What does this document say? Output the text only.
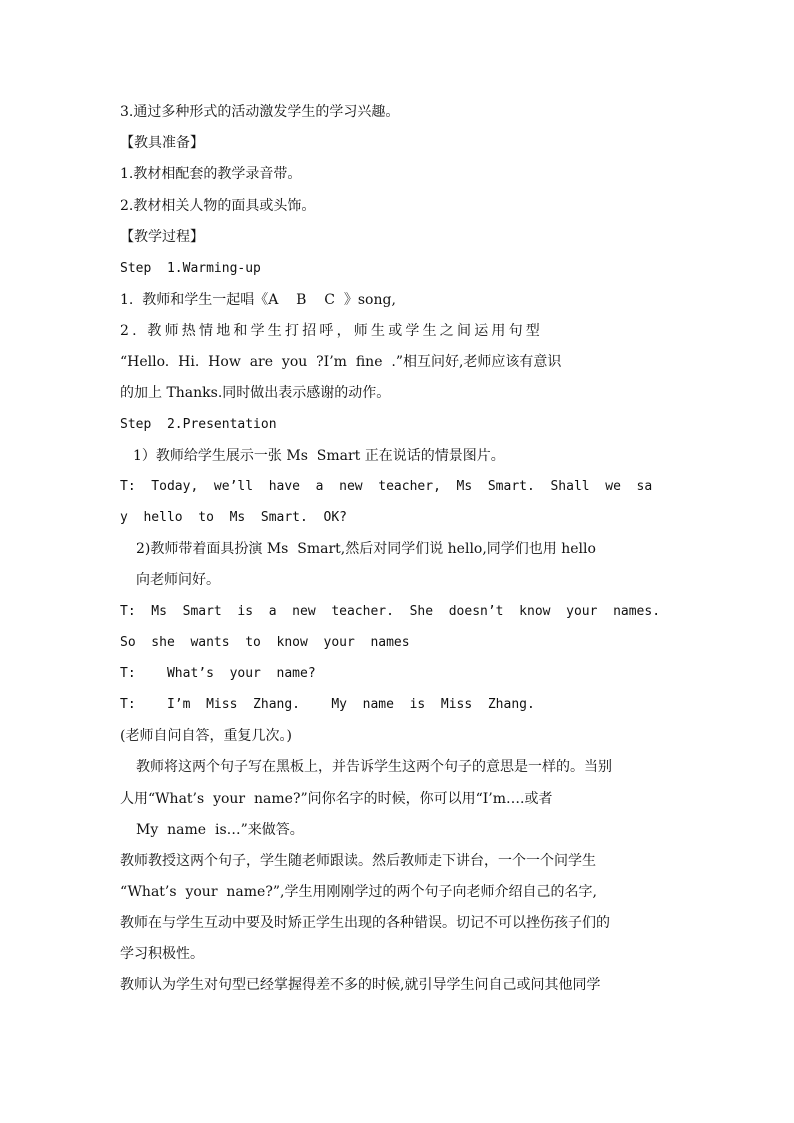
3.通过多种形式的活动激发学生的学习兴趣。
【教具准备】
1.教材相配套的教学录音带。
2.教材相关人物的面具或头饰。
【教学过程】
Step  1.Warming-up
1.  教师和学生一起唱《A    B    C  》song,
2. 教师热情地和学生打招呼，师生或学生之间运用句型
“Hello.  Hi.  How  are  you  ?I’m  fine  .”相互问好,老师应该有意识
的加上 Thanks.同时做出表示感谢的动作。
Step  2.Presentation
1）教师给学生展示一张 Ms  Smart 正在说话的情景图片。
T:  Today,  we’ll  have  a  new  teacher,  Ms  Smart.  Shall  we  sa
y  hello  to  Ms  Smart.  OK?
2)教师带着面具扮演 Ms  Smart,然后对同学们说 hello,同学们也用 hello
向老师问好。
T:  Ms  Smart  is  a  new  teacher.  She  doesn’t  know  your  names.
So  she  wants  to  know  your  names
T:    What’s  your  name?
T:    I’m  Miss  Zhang.    My  name  is  Miss  Zhang.
(老师自问自答，重复几次。)
教师将这两个句子写在黑板上，并告诉学生这两个句子的意思是一样的。当别
人用“What’s  your  name?”问你名字的时候，你可以用“I’m….或者
My  name  is…”来做答。
教师教授这两个句子，学生随老师跟读。然后教师走下讲台，一个一个问学生
“What’s  your  name?”,学生用刚刚学过的两个句子向老师介绍自己的名字,
教师在与学生互动中要及时矫正学生出现的各种错误。切记不可以挫伤孩子们的
学习积极性。
教师认为学生对句型已经掌握得差不多的时候,就引导学生问自己或问其他同学
